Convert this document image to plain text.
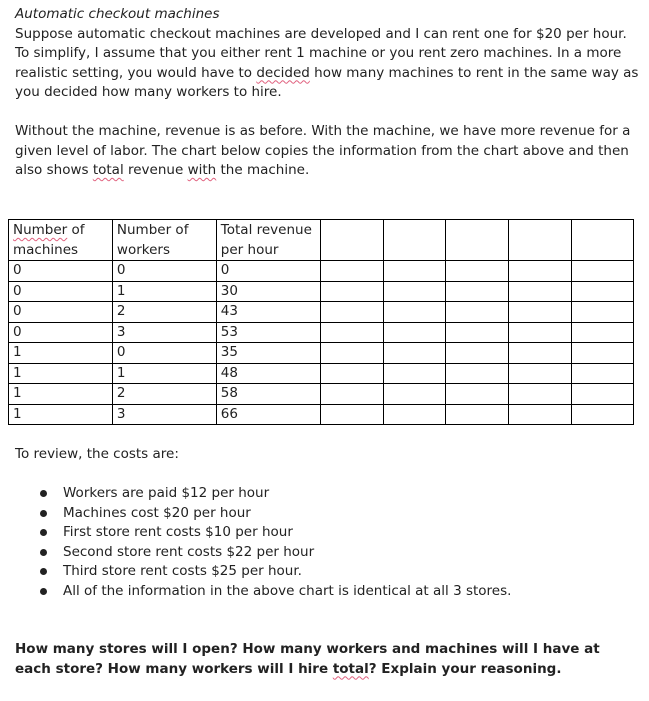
Automatic checkout machines

Suppose automatic checkout machines are developed and I can rent one for $20 per hour. To simplify, I assume that you either rent 1 machine or you rent zero machines. In a more realistic setting, you would have to decided how many machines to rent in the same way as you decided how many workers to hire.

Without the machine, revenue is as before. With the machine, we have more revenue for a given level of labor. The chart below copies the information from the chart above and then also shows total revenue with the machine.

Number of machines	Number of workers	Total revenue per hour					
0	0	0					
0	1	30					
0	2	43					
0	3	53					
1	0	35					
1	1	48					
1	2	58					
1	3	66					

To review, the costs are:

Workers are paid $12 per hour
Machines cost $20 per hour
First store rent costs $10 per hour
Second store rent costs $22 per hour
Third store rent costs $25 per hour.
All of the information in the above chart is identical at all 3 stores.

How many stores will I open? How many workers and machines will I have at each store? How many workers will I hire total? Explain your reasoning.
